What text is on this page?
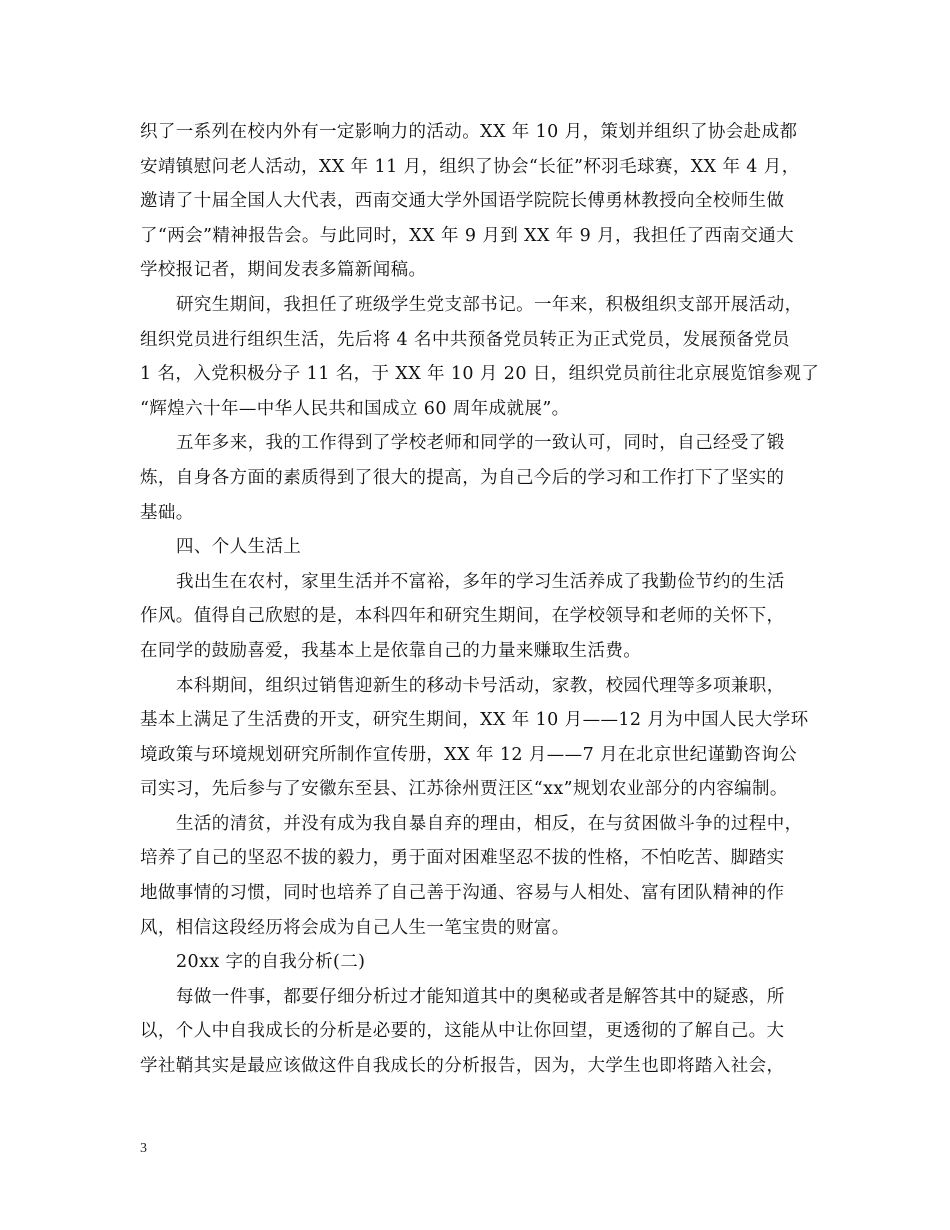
织了一系列在校内外有一定影响力的活动。XX 年 10 月，策划并组织了协会赴成都
安靖镇慰问老人活动，XX 年 11 月，组织了协会“长征”杯羽毛球赛，XX 年 4 月，
邀请了十届全国人大代表，西南交通大学外国语学院院长傅勇林教授向全校师生做
了“两会”精神报告会。与此同时，XX 年 9 月到 XX 年 9 月，我担任了西南交通大
学校报记者，期间发表多篇新闻稿。
研究生期间，我担任了班级学生党支部书记。一年来，积极组织支部开展活动，
组织党员进行组织生活，先后将 4 名中共预备党员转正为正式党员，发展预备党员
1 名，入党积极分子 11 名，于 XX 年 10 月 20 日，组织党员前往北京展览馆参观了
“辉煌六十年—中华人民共和国成立 60 周年成就展”。
五年多来，我的工作得到了学校老师和同学的一致认可，同时，自己经受了锻
炼，自身各方面的素质得到了很大的提高，为自己今后的学习和工作打下了坚实的
基础。
四、个人生活上
我出生在农村，家里生活并不富裕，多年的学习生活养成了我勤俭节约的生活
作风。值得自己欣慰的是，本科四年和研究生期间，在学校领导和老师的关怀下，
在同学的鼓励喜爱，我基本上是依靠自己的力量来赚取生活费。
本科期间，组织过销售迎新生的移动卡号活动，家教，校园代理等多项兼职，
基本上满足了生活费的开支，研究生期间，XX 年 10 月——12 月为中国人民大学环
境政策与环境规划研究所制作宣传册，XX 年 12 月——7 月在北京世纪谨勤咨询公
司实习，先后参与了安徽东至县、江苏徐州贾汪区“xx”规划农业部分的内容编制。
生活的清贫，并没有成为我自暴自弃的理由，相反，在与贫困做斗争的过程中，
培养了自己的坚忍不拔的毅力，勇于面对困难坚忍不拔的性格，不怕吃苦、脚踏实
地做事情的习惯，同时也培养了自己善于沟通、容易与人相处、富有团队精神的作
风，相信这段经历将会成为自己人生一笔宝贵的财富。
20xx 字的自我分析(二)
每做一件事，都要仔细分析过才能知道其中的奥秘或者是解答其中的疑惑，所
以，个人中自我成长的分析是必要的，这能从中让你回望，更透彻的了解自己。大
学社鞘其实是最应该做这件自我成长的分析报告，因为，大学生也即将踏入社会，
3
